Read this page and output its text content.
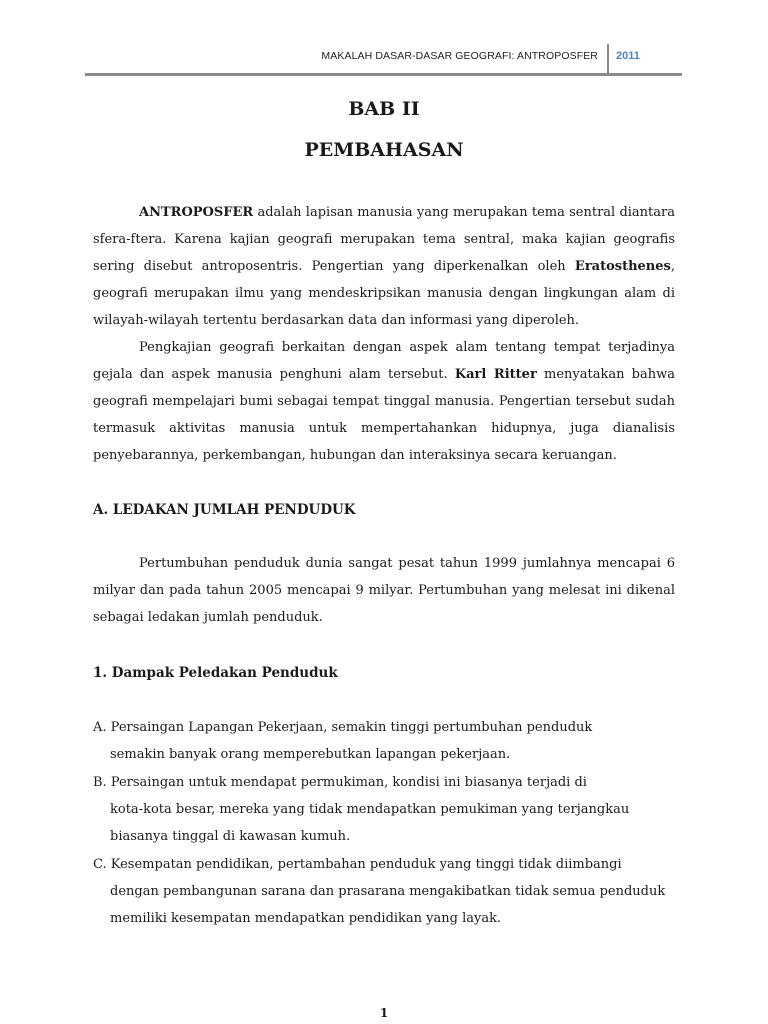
MAKALAH DASAR-DASAR GEOGRAFI: ANTROPOSFER 2011
BAB II
PEMBAHASAN
ANTROPOSFER adalah lapisan manusia yang merupakan tema sentral diantara sfera-ftera. Karena kajian geografi merupakan tema sentral, maka kajian geografis sering disebut antroposentris. Pengertian yang diperkenalkan oleh Eratosthenes, geografi merupakan ilmu yang mendeskripsikan manusia dengan lingkungan alam di wilayah-wilayah tertentu berdasarkan data dan informasi yang diperoleh.
Pengkajian geografi berkaitan dengan aspek alam tentang tempat terjadinya gejala dan aspek manusia penghuni alam tersebut. Karl Ritter menyatakan bahwa geografi mempelajari bumi sebagai tempat tinggal manusia. Pengertian tersebut sudah termasuk aktivitas manusia untuk mempertahankan hidupnya, juga dianalisis penyebarannya, perkembangan, hubungan dan interaksinya secara keruangan.
A. LEDAKAN JUMLAH PENDUDUK
Pertumbuhan penduduk dunia sangat pesat tahun 1999 jumlahnya mencapai 6 milyar dan pada tahun 2005 mencapai 9 milyar. Pertumbuhan yang melesat ini dikenal sebagai ledakan jumlah penduduk.
1. Dampak Peledakan Penduduk
A. Persaingan Lapangan Pekerjaan, semakin tinggi pertumbuhan penduduk
semakin banyak orang memperebutkan lapangan pekerjaan.
B. Persaingan untuk mendapat permukiman, kondisi ini biasanya terjadi di
kota-kota besar, mereka yang tidak mendapatkan pemukiman yang terjangkau biasanya tinggal di kawasan kumuh.
C. Kesempatan pendidikan, pertambahan penduduk yang tinggi tidak diimbangi
dengan pembangunan sarana dan prasarana mengakibatkan tidak semua penduduk memiliki kesempatan mendapatkan pendidikan yang layak.
1
